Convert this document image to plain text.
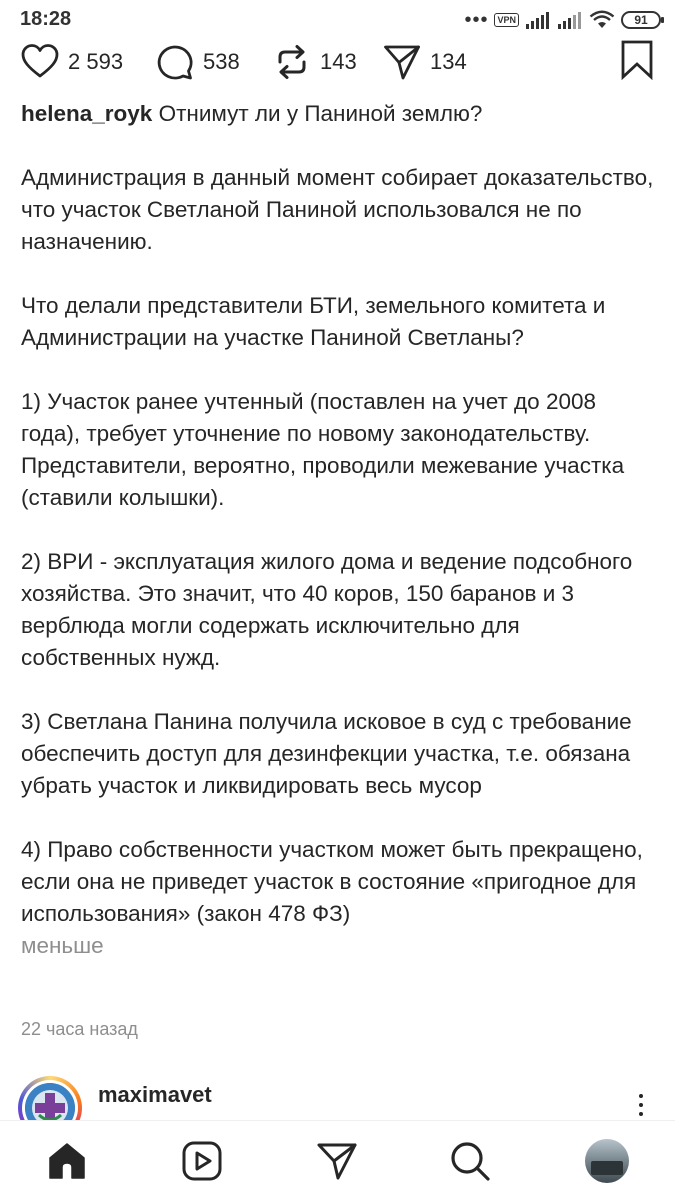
18:28	•••	VPN	91
2 593	538	143	134

helena_royk Отнимут ли у Паниной землю?

Администрация в данный момент собирает доказательство, что участок Светланой Паниной использовался не по назначению.

Что делали представители БТИ, земельного комитета и Администрации на участке Паниной Светланы?

1) Участок ранее учтенный (поставлен на учет до 2008 года), требует уточнение по новому законодательству. Представители, вероятно, проводили межевание участка (ставили колышки).

2) ВРИ - эксплуатация жилого дома и ведение подсобного хозяйства. Это значит, что 40 коров, 150 баранов и 3 верблюда могли содержать исключительно для собственных нужд.

3) Светлана Панина получила исковое в суд с требование обеспечить доступ для дезинфекции участка, т.е. обязана убрать участок и ликвидировать весь мусор

4) Право собственности участком может быть прекращено, если она не приведет участок в состояние «пригодное для использования» (закон 478 ФЗ)

меньше
22 часа назад
maximavet
